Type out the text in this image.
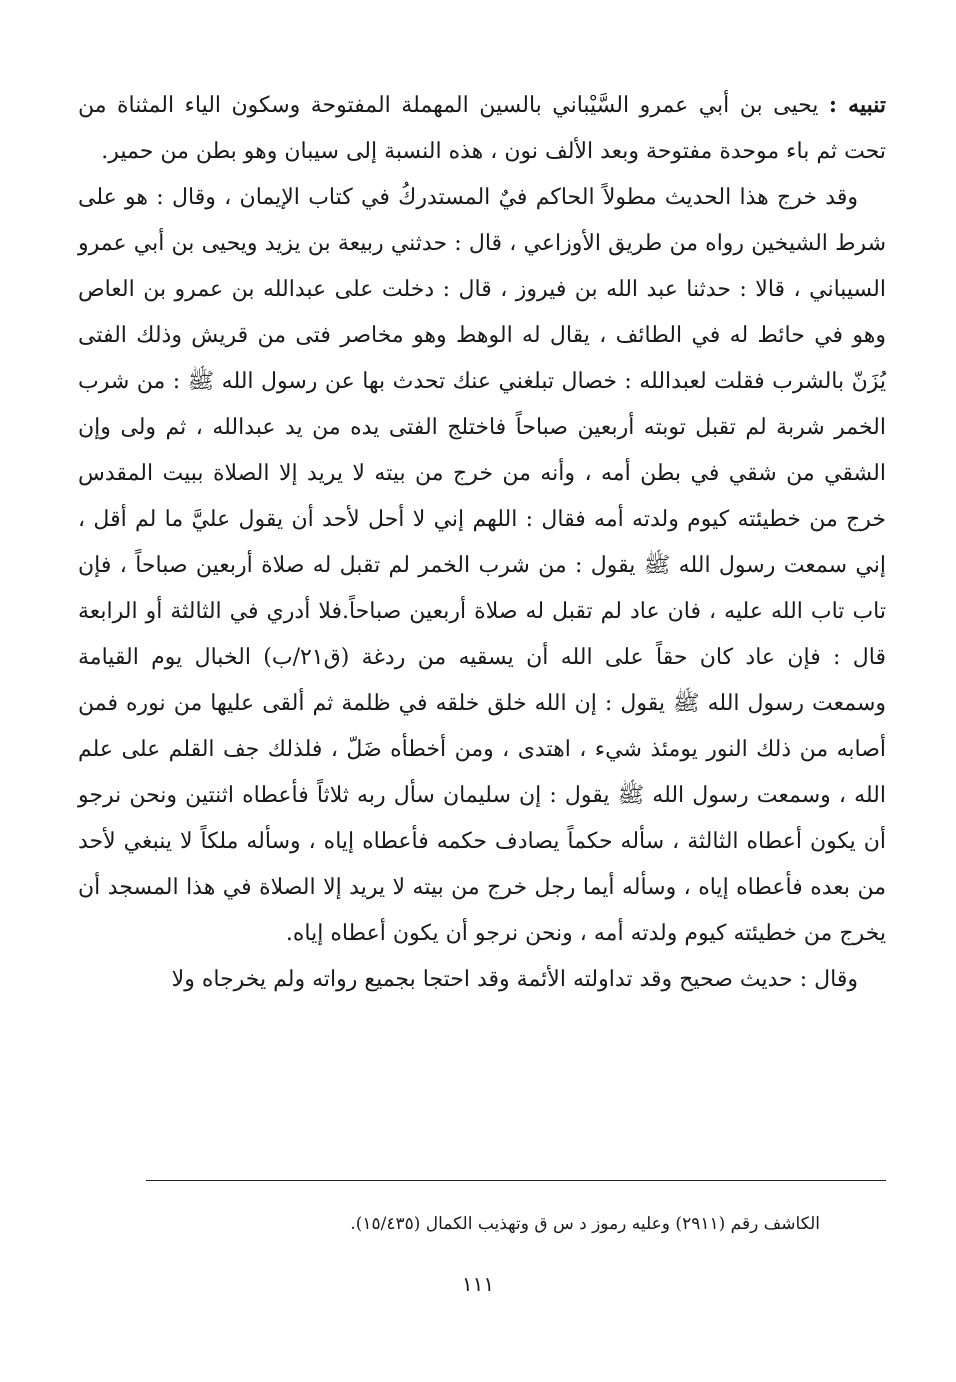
تنبيه : يحيى بن أبي عمرو السَّيْباني بالسين المهملة المفتوحة وسكون الياء المثناة من تحت ثم باء موحدة مفتوحة وبعد الألف نون ، هذه النسبة إلى سيبان وهو بطن من حمير.

وقد خرج هذا الحديث مطولاً الحاكم فيٌ المستدركُ في كتاب الإيمان ، وقال : هو على شرط الشيخين رواه من طريق الأوزاعي ، قال : حدثني ربيعة بن يزيد ويحيى بن أبي عمرو السيباني ، قالا : حدثنا عبد الله بن فيروز ، قال : دخلت على عبدالله بن عمرو بن العاص وهو في حائط له في الطائف ، يقال له الوهط وهو مخاصر فتى من قريش وذلك الفتى يُزَنّ بالشرب فقلت لعبدالله : خصال تبلغني عنك تحدث بها عن رسول الله ﷺ : من شرب الخمر شربة لم تقبل توبته أربعين صباحاً فاختلج الفتى يده من يد عبدالله ، ثم ولى وإن الشقي من شقي في بطن أمه ، وأنه من خرج من بيته لا يريد إلا الصلاة ببيت المقدس خرج من خطيئته كيوم ولدته أمه فقال : اللهم إني لا أحل لأحد أن يقول عليَّ ما لم أقل ، إني سمعت رسول الله ﷺ يقول : من شرب الخمر لم تقبل له صلاة أربعين صباحاً ، فإن تاب تاب الله عليه ، فان عاد لم تقبل له صلاة أربعين صباحاً.فلا أدري في الثالثة أو الرابعة قال : فإن عاد كان حقاً على الله أن يسقيه من ردغة (ق٢١/ب) الخبال يوم القيامة وسمعت رسول الله ﷺ يقول : إن الله خلق خلقه في ظلمة ثم ألقى عليها من نوره فمن أصابه من ذلك النور يومئذ شيء ، اهتدى ، ومن أخطأه ضَلّ ، فلذلك جف القلم على علم الله ، وسمعت رسول الله ﷺ يقول : إن سليمان سأل ربه ثلاثاً فأعطاه اثنتين ونحن نرجو أن يكون أعطاه الثالثة ، سأله حكماً يصادف حكمه فأعطاه إياه ، وسأله ملكاً لا ينبغي لأحد من بعده فأعطاه إياه ، وسأله أيما رجل خرج من بيته لا يريد إلا الصلاة في هذا المسجد أن يخرج من خطيئته كيوم ولدته أمه ، ونحن نرجو أن يكون أعطاه إياه.

وقال : حديث صحيح وقد تداولته الأئمة وقد احتجا بجميع رواته ولم يخرجاه ولا

الكاشف رقم (٢٩١١) وعليه رموز د س ق وتهذيب الكمال (١٥/٤٣٥).
١١١
